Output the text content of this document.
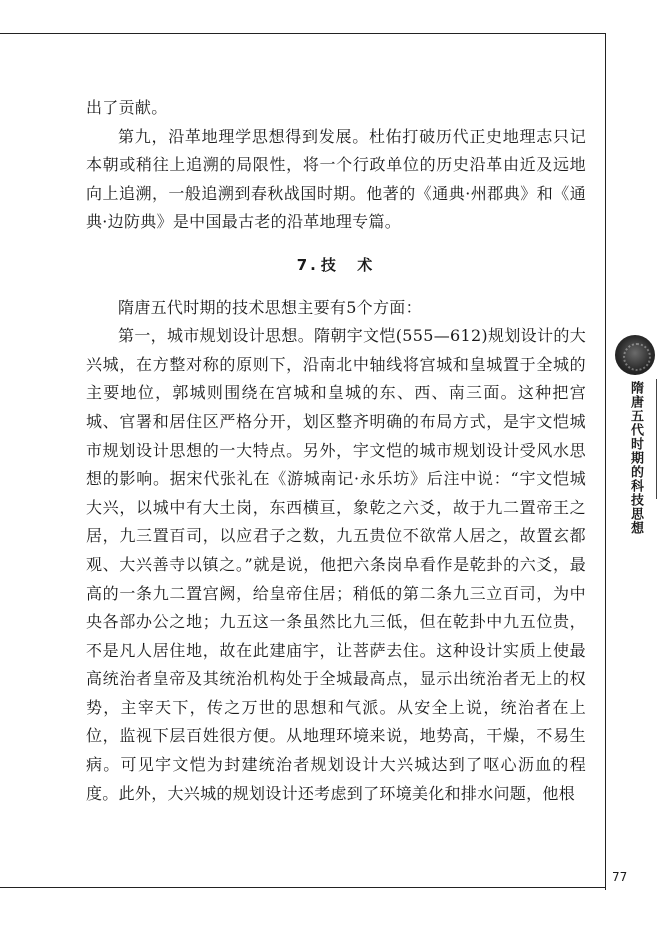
出了贡献。

第九，沿革地理学思想得到发展。杜佑打破历代正史地理志只记本朝或稍往上追溯的局限性，将一个行政单位的历史沿革由近及远地向上追溯，一般追溯到春秋战国时期。他著的《通典·州郡典》和《通典·边防典》是中国最古老的沿革地理专篇。

7. 技 术

隋唐五代时期的技术思想主要有5个方面：

第一，城市规划设计思想。隋朝宇文恺(555—612)规划设计的大兴城，在方整对称的原则下，沿南北中轴线将宫城和皇城置于全城的主要地位，郭城则围绕在宫城和皇城的东、西、南三面。这种把宫城、官署和居住区严格分开，划区整齐明确的布局方式，是宇文恺城市规划设计思想的一大特点。另外，宇文恺的城市规划设计受风水思想的影响。据宋代张礼在《游城南记·永乐坊》后注中说：“宇文恺城大兴，以城中有大土岗，东西横亘，象乾之六爻，故于九二置帝王之居，九三置百司，以应君子之数，九五贵位不欲常人居之，故置玄都观、大兴善寺以镇之。”就是说，他把六条岗阜看作是乾卦的六爻，最高的一条九二置宫阙，给皇帝住居；稍低的第二条九三立百司，为中央各部办公之地；九五这一条虽然比九三低，但在乾卦中九五位贵，不是凡人居住地，故在此建庙宇，让菩萨去住。这种设计实质上使最高统治者皇帝及其统治机构处于全城最高点，显示出统治者无上的权势，主宰天下，传之万世的思想和气派。从安全上说，统治者在上位，监视下层百姓很方便。从地理环境来说，地势高，干燥，不易生病。可见宇文恺为封建统治者规划设计大兴城达到了呕心沥血的程度。此外，大兴城的规划设计还考虑到了环境美化和排水问题，他根

隋唐五代时期的科技思想
77
